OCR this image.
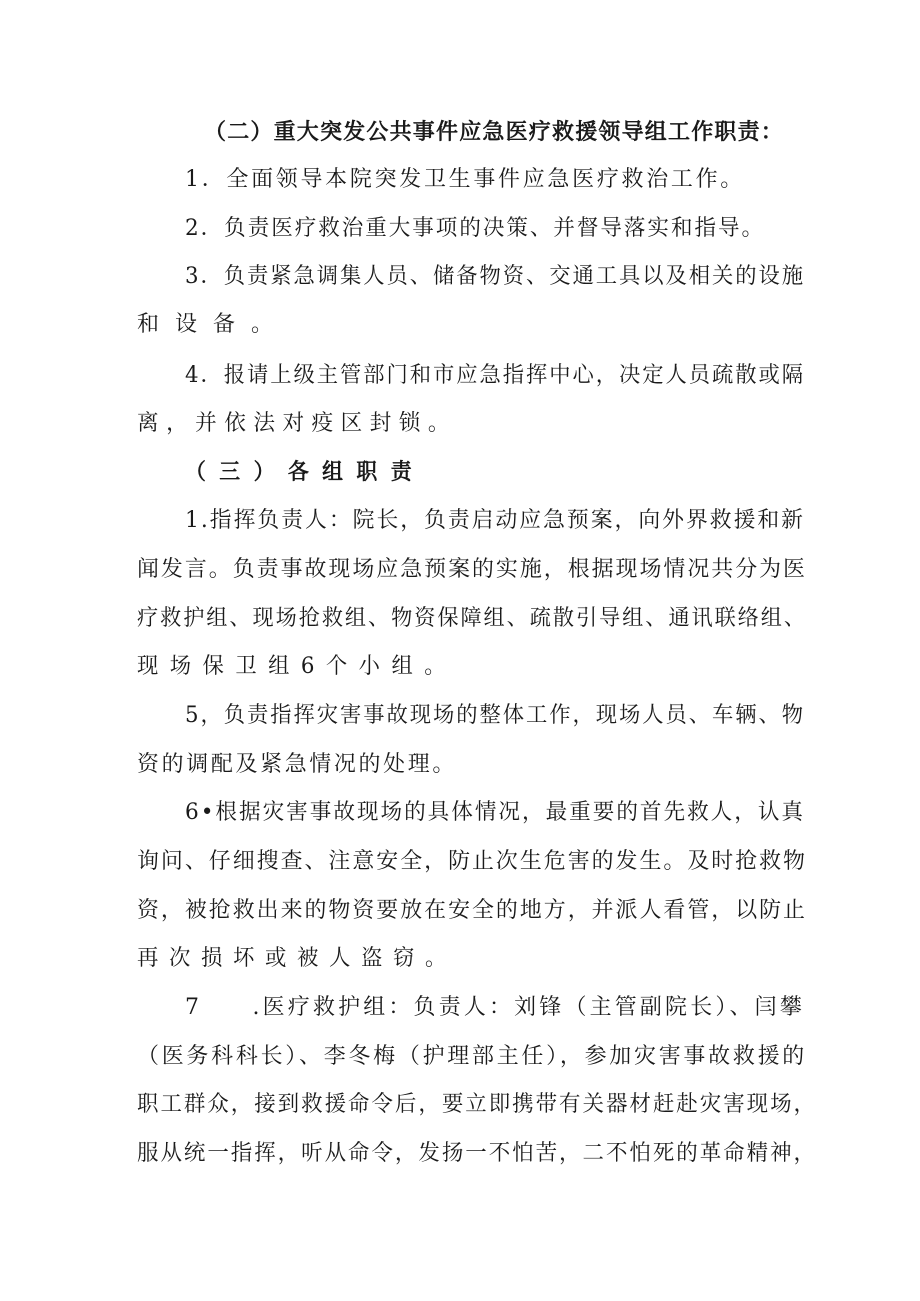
（二）重大突发公共事件应急医疗救援领导组工作职责：
1．全面领导本院突发卫生事件应急医疗救治工作。
2．负责医疗救治重大事项的决策、并督导落实和指导。
3．负责紧急调集人员、储备物资、交通工具以及相关的设施
和设备。
4．报请上级主管部门和市应急指挥中心，决定人员疏散或隔
离，并依法对疫区封锁。
（三）各组职责
1.指挥负责人：院长，负责启动应急预案，向外界救援和新
闻发言。负责事故现场应急预案的实施，根据现场情况共分为医
疗救护组、现场抢救组、物资保障组、疏散引导组、通讯联络组、
现场保卫组6个小组。
5，负责指挥灾害事故现场的整体工作，现场人员、车辆、物
资的调配及紧急情况的处理。
6•根据灾害事故现场的具体情况，最重要的首先救人，认真
询问、仔细搜查、注意安全，防止次生危害的发生。及时抢救物
资，被抢救出来的物资要放在安全的地方，并派人看管，以防止
再次损坏或被人盗窃。
7　　.医疗救护组：负责人：刘锋（主管副院长）、闫攀
（医务科科长）、李冬梅（护理部主任），参加灾害事故救援的
职工群众，接到救援命令后，要立即携带有关器材赶赴灾害现场，
服从统一指挥，听从命令，发扬一不怕苦，二不怕死的革命精神，
